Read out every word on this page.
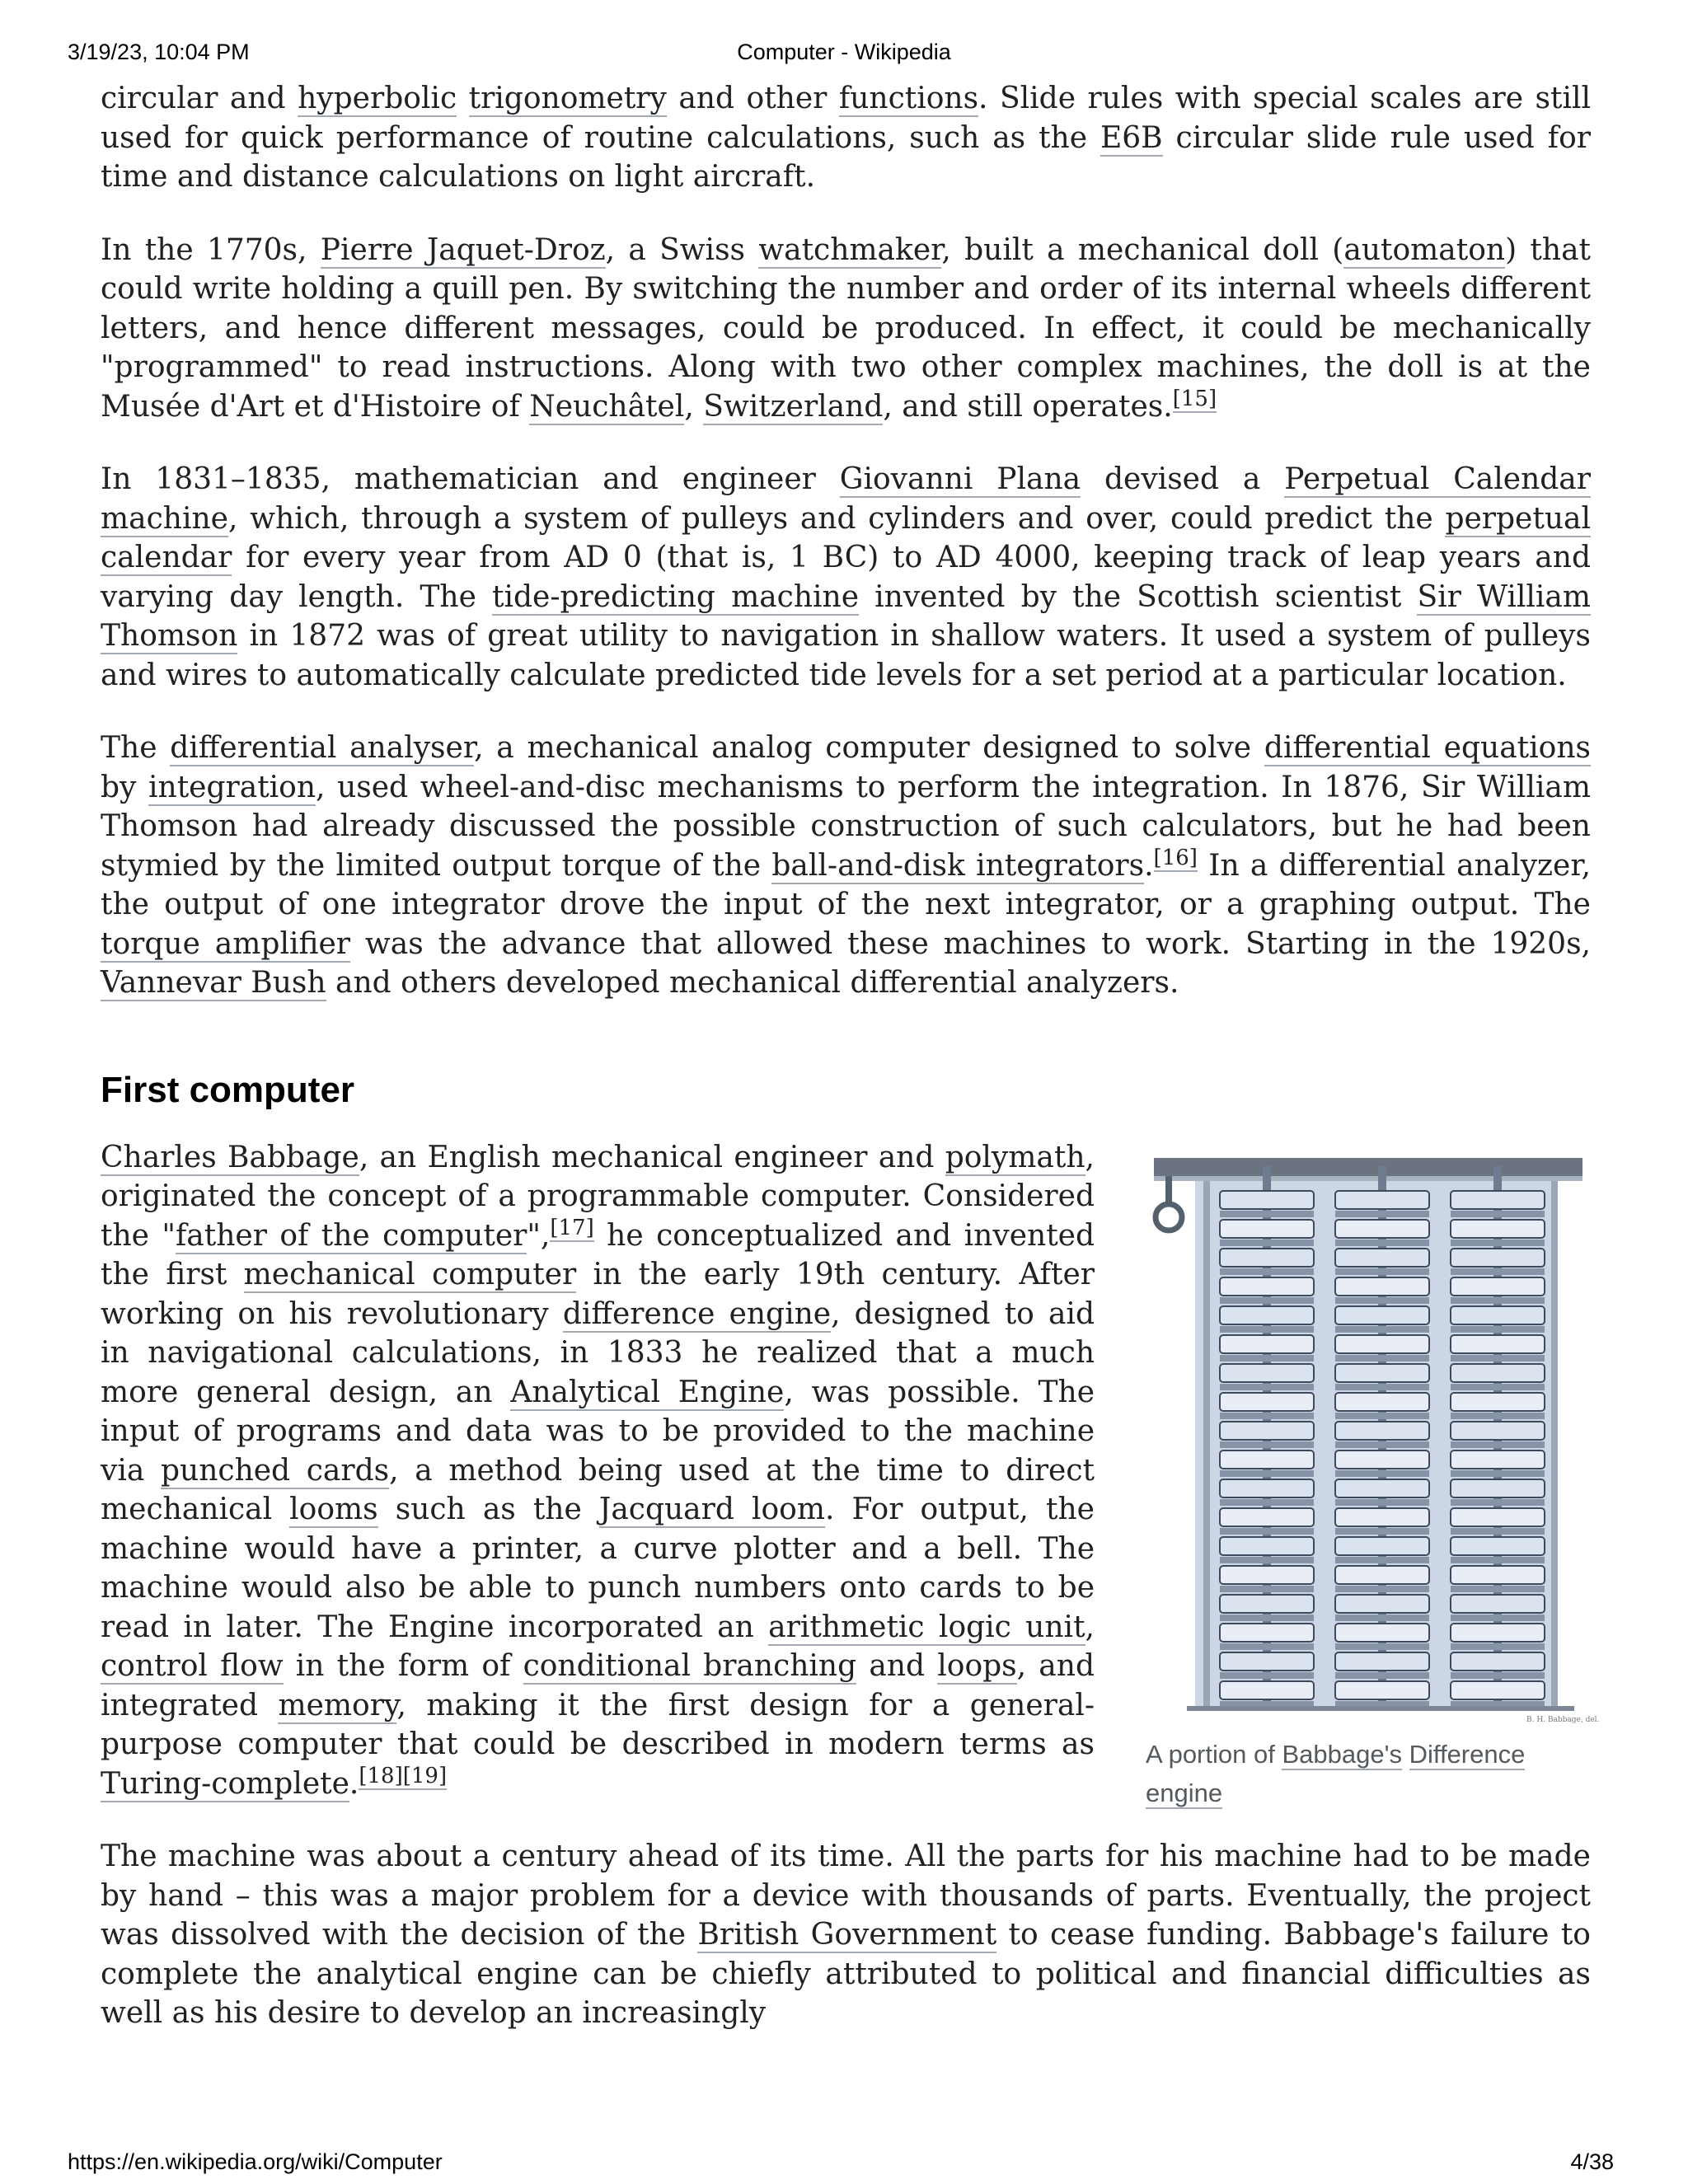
3/19/23, 10:04 PM	Computer - Wikipedia

circular and hyperbolic trigonometry and other functions. Slide rules with special scales are still used for quick performance of routine calculations, such as the E6B circular slide rule used for time and distance calculations on light aircraft.

In the 1770s, Pierre Jaquet-Droz, a Swiss watchmaker, built a mechanical doll (automaton) that could write holding a quill pen. By switching the number and order of its internal wheels different letters, and hence different messages, could be produced. In effect, it could be mechanically "programmed" to read instructions. Along with two other complex machines, the doll is at the Musée d'Art et d'Histoire of Neuchâtel, Switzerland, and still operates.[15]

In 1831–1835, mathematician and engineer Giovanni Plana devised a Perpetual Calendar machine, which, through a system of pulleys and cylinders and over, could predict the perpetual calendar for every year from AD 0 (that is, 1 BC) to AD 4000, keeping track of leap years and varying day length. The tide-predicting machine invented by the Scottish scientist Sir William Thomson in 1872 was of great utility to navigation in shallow waters. It used a system of pulleys and wires to automatically calculate predicted tide levels for a set period at a particular location.

The differential analyser, a mechanical analog computer designed to solve differential equations by integration, used wheel-and-disc mechanisms to perform the integration. In 1876, Sir William Thomson had already discussed the possible construction of such calculators, but he had been stymied by the limited output torque of the ball-and-disk integrators.[16] In a differential analyzer, the output of one integrator drove the input of the next integrator, or a graphing output. The torque amplifier was the advance that allowed these machines to work. Starting in the 1920s, Vannevar Bush and others developed mechanical differential analyzers.

First computer
B. H. Babbage, del.
A portion of Babbage's Difference engine

Charles Babbage, an English mechanical engineer and polymath, originated the concept of a programmable computer. Considered the "father of the computer",[17] he conceptualized and invented the first mechanical computer in the early 19th century. After working on his revolutionary difference engine, designed to aid in navigational calculations, in 1833 he realized that a much more general design, an Analytical Engine, was possible. The input of programs and data was to be provided to the machine via punched cards, a method being used at the time to direct mechanical looms such as the Jacquard loom. For output, the machine would have a printer, a curve plotter and a bell. The machine would also be able to punch numbers onto cards to be read in later. The Engine incorporated an arithmetic logic unit, control flow in the form of conditional branching and loops, and integrated memory, making it the first design for a general-purpose computer that could be described in modern terms as Turing-complete.[18][19]

The machine was about a century ahead of its time. All the parts for his machine had to be made by hand – this was a major problem for a device with thousands of parts. Eventually, the project was dissolved with the decision of the British Government to cease funding. Babbage's failure to complete the analytical engine can be chiefly attributed to political and financial difficulties as well as his desire to develop an increasingly

https://en.wikipedia.org/wiki/Computer	4/38
